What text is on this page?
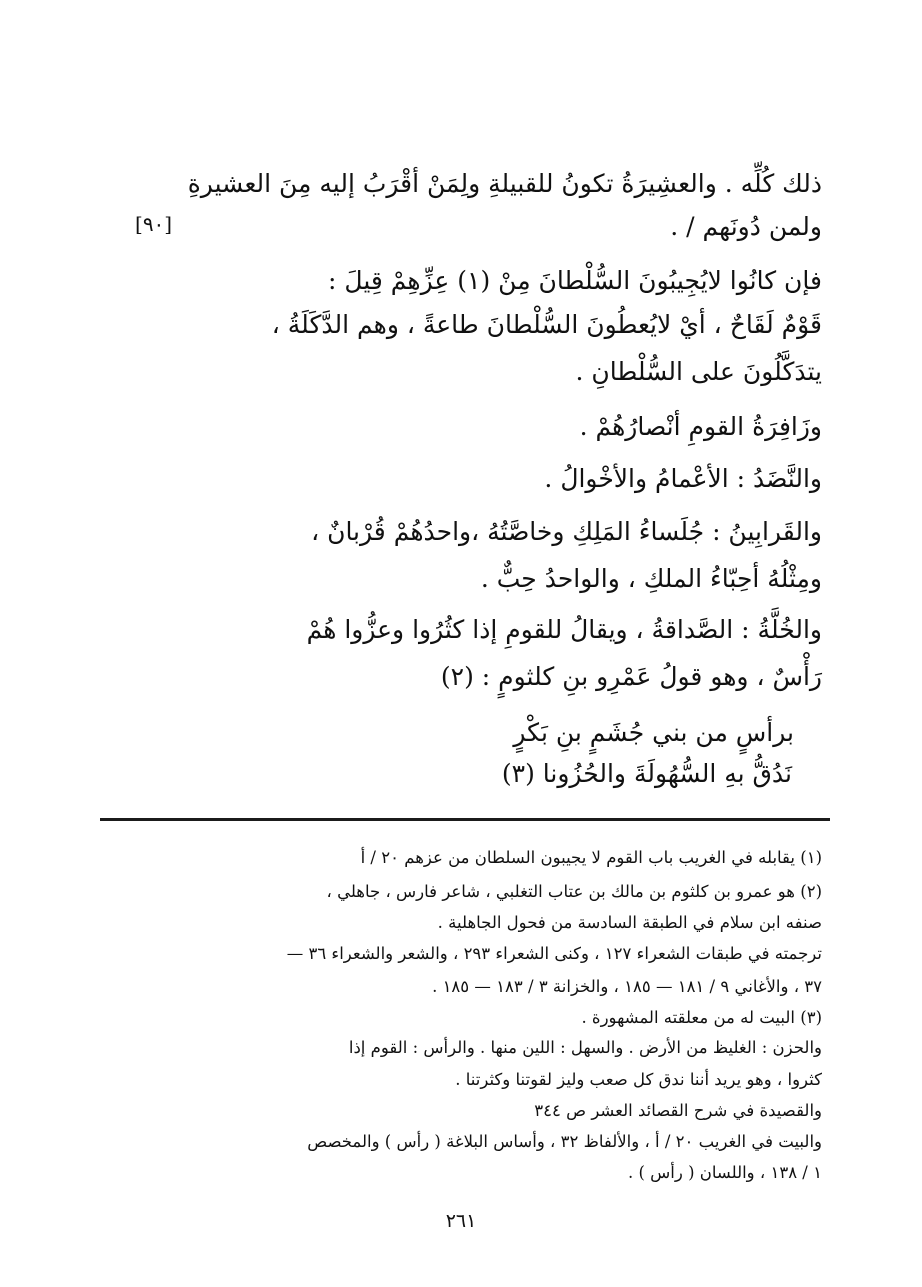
ذلك كُلِّه . والعشِيرَةُ تكونُ للقبيلةِ ولِمَنْ أقْرَبُ إليه مِنَ العشيرةِ
ولمن دُونَهم / .
[٩٠]
فإن كانُوا لايُجِيبُونَ السُّلْطانَ مِنْ (١) عِزِّهِمْ قِيلَ :
قَوْمٌ لَقَاحٌ ، أيْ لايُعطُونَ السُّلْطانَ طاعةً ، وهم الدَّكَلَةُ ،
يتدَكَّلُونَ على السُّلْطانِ .
وزَافِرَةُ القومِ أنْصارُهُمْ .
والنَّضَدُ : الأعْمامُ والأخْوالُ .
والقَرابِينُ : جُلَساءُ المَلِكِ وخاصَّتُهُ ،واحدُهُمْ قُرْبانٌ ،
ومِثْلُهُ أحِبّاءُ الملكِ ، والواحدُ حِبٌّ .
والخُلَّةُ : الصَّداقةُ ، ويقالُ للقومِ إذا كثُرُوا وعزُّوا هُمْ
رَأْسٌ ، وهو قولُ عَمْرِو بنِ كلثومٍ : (٢)
برأسٍ من بني جُشَمٍ بنِ بَكْرٍ
نَدُقُّ بهِ السُّهُولَةَ والحُزُونا (٣)
(١) يقابله في الغريب باب القوم لا يجيبون السلطان من عزهم ٢٠ / أ
(٢) هو عمرو بن كلثوم بن مالك بن عتاب التغلبي ، شاعر فارس ، جاهلي ،
صنفه ابن سلام في الطبقة السادسة من فحول الجاهلية .
ترجمته في طبقات الشعراء ١٢٧ ، وكنى الشعراء ٢٩٣ ، والشعر والشعراء ٣٦ —
٣٧ ، والأغاني ٩ / ١٨١ — ١٨٥ ، والخزانة ٣ / ١٨٣ — ١٨٥ .
(٣) البيت له من معلقته المشهورة .
والحزن : الغليظ من الأرض . والسهل : اللين منها . والرأس : القوم إذا
كثروا ، وهو يريد أننا ندق كل صعب وليز لقوتنا وكثرتنا .
والقصيدة في شرح القصائد العشر ص ٣٤٤
والبيت في الغريب ٢٠ / أ ، والألفاظ ٣٢ ، وأساس البلاغة ( رأس ) والمخصص
١ / ١٣٨ ، واللسان ( رأس ) .
٢٦١
